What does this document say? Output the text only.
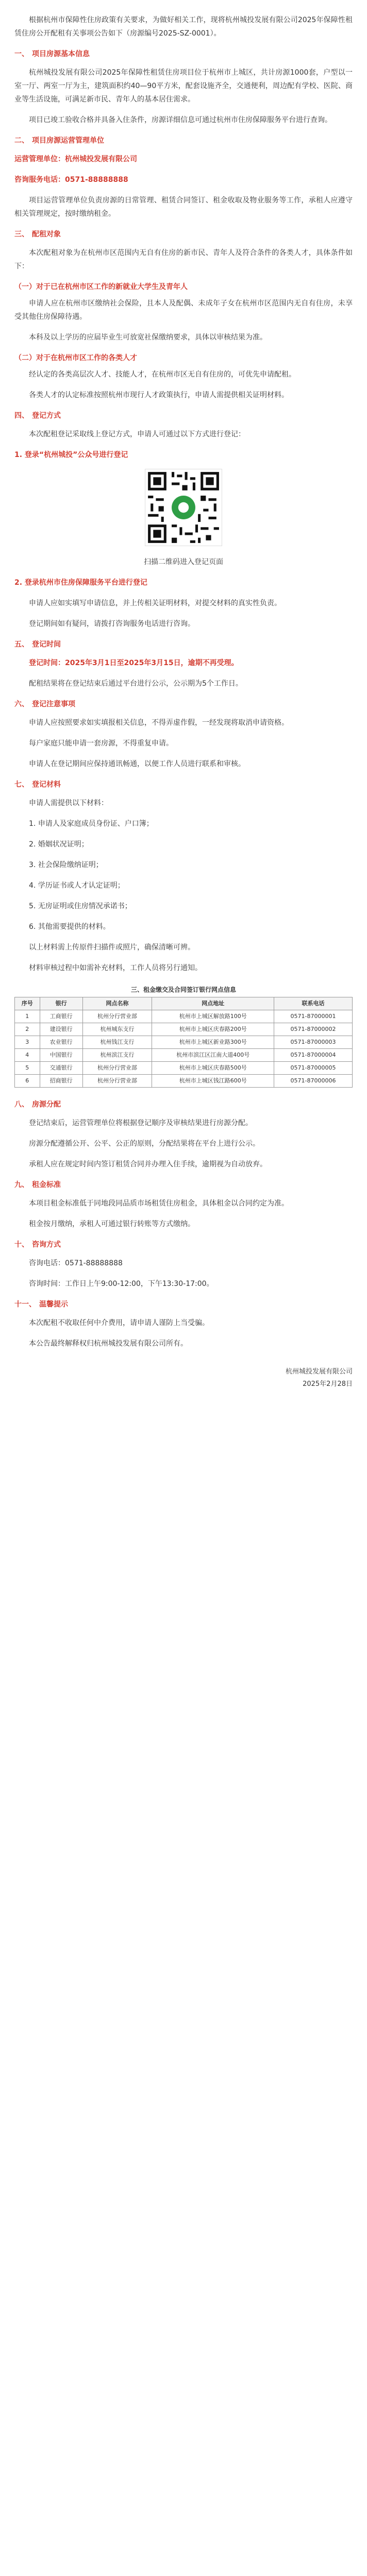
根据杭州市保障性住房政策有关要求，为做好相关工作，现将杭州城投发展有限公司2025年保障性租赁住房公开配租有关事项公告如下（房源编号2025-SZ-0001）。

一、 项目房源基本信息

杭州城投发展有限公司2025年保障性租赁住房项目位于杭州市上城区，共计房源1000套，户型以一室一厅、两室一厅为主，建筑面积约40—90平方米，配套设施齐全，交通便利，周边配有学校、医院、商业等生活设施，可满足新市民、青年人的基本居住需求。

项目已竣工验收合格并具备入住条件，房源详细信息可通过杭州市住房保障服务平台进行查询。

二、 项目房源运营管理单位

运营管理单位：杭州城投发展有限公司

咨询服务电话：0571-88888888

项目运营管理单位负责房源的日常管理、租赁合同签订、租金收取及物业服务等工作，承租人应遵守相关管理规定，按时缴纳租金。

三、 配租对象

本次配租对象为在杭州市区范围内无自有住房的新市民、青年人及符合条件的各类人才，具体条件如下：

（一）对于已在杭州市区工作的新就业大学生及青年人

申请人应在杭州市区缴纳社会保险，且本人及配偶、未成年子女在杭州市区范围内无自有住房，未享受其他住房保障待遇。

本科及以上学历的应届毕业生可放宽社保缴纳要求，具体以审核结果为准。

（二）对于在杭州市区工作的各类人才

经认定的各类高层次人才、技能人才，在杭州市区无自有住房的，可优先申请配租。

各类人才的认定标准按照杭州市现行人才政策执行，申请人需提供相关证明材料。

四、 登记方式

本次配租登记采取线上登记方式，申请人可通过以下方式进行登记：

1. 登录“杭州城投”公众号进行登记

扫描二维码进入登记页面

2. 登录杭州市住房保障服务平台进行登记

申请人应如实填写申请信息，并上传相关证明材料，对提交材料的真实性负责。

登记期间如有疑问，请拨打咨询服务电话进行咨询。

五、 登记时间

登记时间：2025年3月1日至2025年3月15日，逾期不再受理。

配租结果将在登记结束后通过平台进行公示，公示期为5个工作日。

六、 登记注意事项

申请人应按照要求如实填报相关信息，不得弄虚作假，一经发现将取消申请资格。

每户家庭只能申请一套房源，不得重复申请。

申请人在登记期间应保持通讯畅通，以便工作人员进行联系和审核。

七、 登记材料

申请人需提供以下材料：

1. 申请人及家庭成员身份证、户口簿；

2. 婚姻状况证明；

3. 社会保险缴纳证明；

4. 学历证书或人才认定证明；

5. 无房证明或住房情况承诺书；

6. 其他需要提供的材料。

以上材料需上传原件扫描件或照片，确保清晰可辨。

材料审核过程中如需补充材料，工作人员将另行通知。

三、租金缴交及合同签订银行网点信息
序号	银行	网点名称	网点地址	联系电话
1	工商银行	杭州分行营业部	杭州市上城区解放路100号	0571-87000001
2	建设银行	杭州城东支行	杭州市上城区庆春路200号	0571-87000002
3	农业银行	杭州钱江支行	杭州市上城区新业路300号	0571-87000003
4	中国银行	杭州滨江支行	杭州市滨江区江南大道400号	0571-87000004
5	交通银行	杭州分行营业部	杭州市上城区庆春路500号	0571-87000005
6	招商银行	杭州分行营业部	杭州市上城区钱江路600号	0571-87000006
八、 房源分配

登记结束后，运营管理单位将根据登记顺序及审核结果进行房源分配。

房源分配遵循公开、公平、公正的原则，分配结果将在平台上进行公示。

承租人应在规定时间内签订租赁合同并办理入住手续，逾期视为自动放弃。

九、 租金标准

本项目租金标准低于同地段同品质市场租赁住房租金，具体租金以合同约定为准。

租金按月缴纳，承租人可通过银行转账等方式缴纳。

十、 咨询方式

咨询电话：0571-88888888

咨询时间：工作日上午9:00-12:00，下午13:30-17:00。

十一、 温馨提示

本次配租不收取任何中介费用，请申请人谨防上当受骗。

本公告最终解释权归杭州城投发展有限公司所有。

杭州城投发展有限公司
2025年2月28日
